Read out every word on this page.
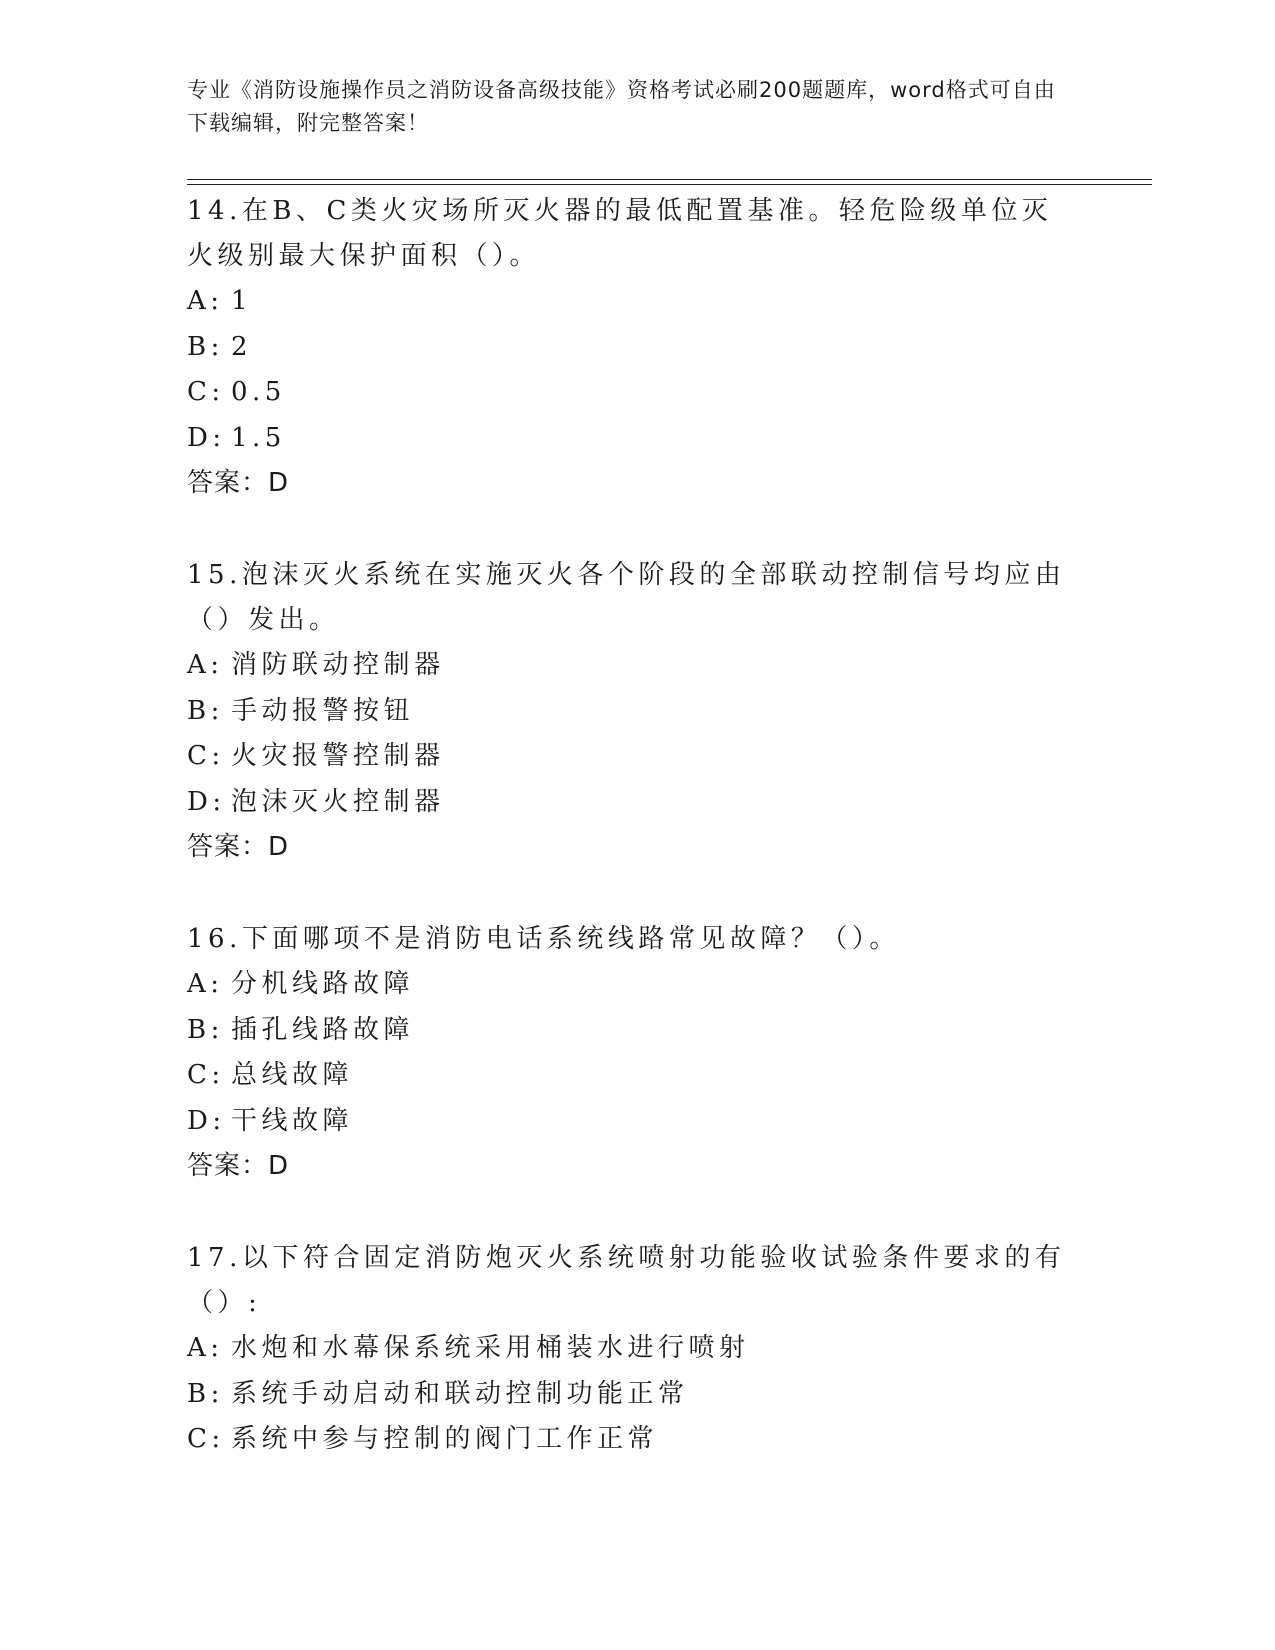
专业《消防设施操作员之消防设备高级技能》资格考试必刷200题题库，word格式可自由下载编辑，附完整答案！
14.在B、C类火灾场所灭火器的最低配置基准。轻危险级单位灭火级别最大保护面积（）。
A: 1
B: 2
C: 0.5
D: 1.5
答案：D
15.泡沫灭火系统在实施灭火各个阶段的全部联动控制信号均应由（）发出。
A: 消防联动控制器
B: 手动报警按钮
C: 火灾报警控制器
D: 泡沫灭火控制器
答案：D
16.下面哪项不是消防电话系统线路常见故障？（）。
A: 分机线路故障
B: 插孔线路故障
C: 总线故障
D: 干线故障
答案：D
17.以下符合固定消防炮灭火系统喷射功能验收试验条件要求的有（）:
A: 水炮和水幕保系统采用桶装水进行喷射
B: 系统手动启动和联动控制功能正常
C: 系统中参与控制的阀门工作正常
